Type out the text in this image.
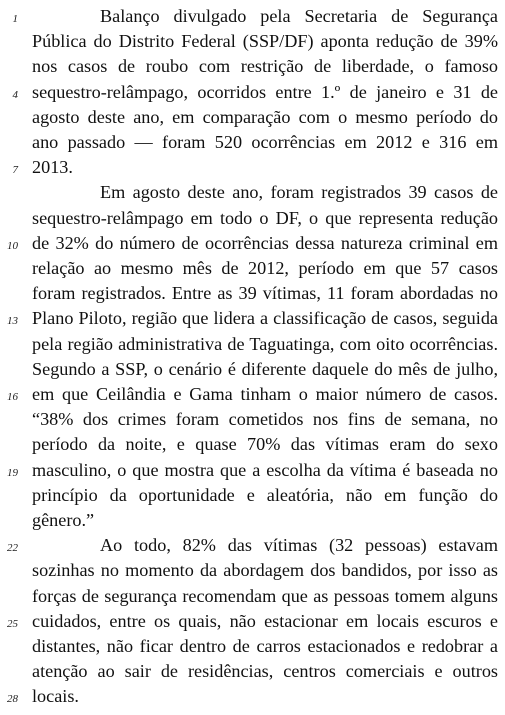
1	Balanço divulgado pela Secretaria de Segurança
Pública do Distrito Federal (SSP/DF) aponta redução de 39%
nos casos de roubo com restrição de liberdade, o famoso
4 sequestro-relâmpago, ocorridos entre 1.º de janeiro e 31 de
agosto deste ano, em comparação com o mesmo período do
ano passado — foram 520 ocorrências em 2012 e 316 em
7 2013.
Em agosto deste ano, foram registrados 39 casos de
sequestro-relâmpago em todo o DF, o que representa redução
10 de 32% do número de ocorrências dessa natureza criminal em
relação ao mesmo mês de 2012, período em que 57 casos
foram registrados. Entre as 39 vítimas, 11 foram abordadas no
13 Plano Piloto, região que lidera a classificação de casos, seguida
pela região administrativa de Taguatinga, com oito ocorrências.
Segundo a SSP, o cenário é diferente daquele do mês de julho,
16 em que Ceilândia e Gama tinham o maior número de casos.
“38% dos crimes foram cometidos nos fins de semana, no
período da noite, e quase 70% das vítimas eram do sexo
19 masculino, o que mostra que a escolha da vítima é baseada no
princípio da oportunidade e aleatória, não em função do
gênero.”
22	Ao todo, 82% das vítimas (32 pessoas) estavam
sozinhas no momento da abordagem dos bandidos, por isso as
forças de segurança recomendam que as pessoas tomem alguns
25 cuidados, entre os quais, não estacionar em locais escuros e
distantes, não ficar dentro de carros estacionados e redobrar a
atenção ao sair de residências, centros comerciais e outros
28 locais.
